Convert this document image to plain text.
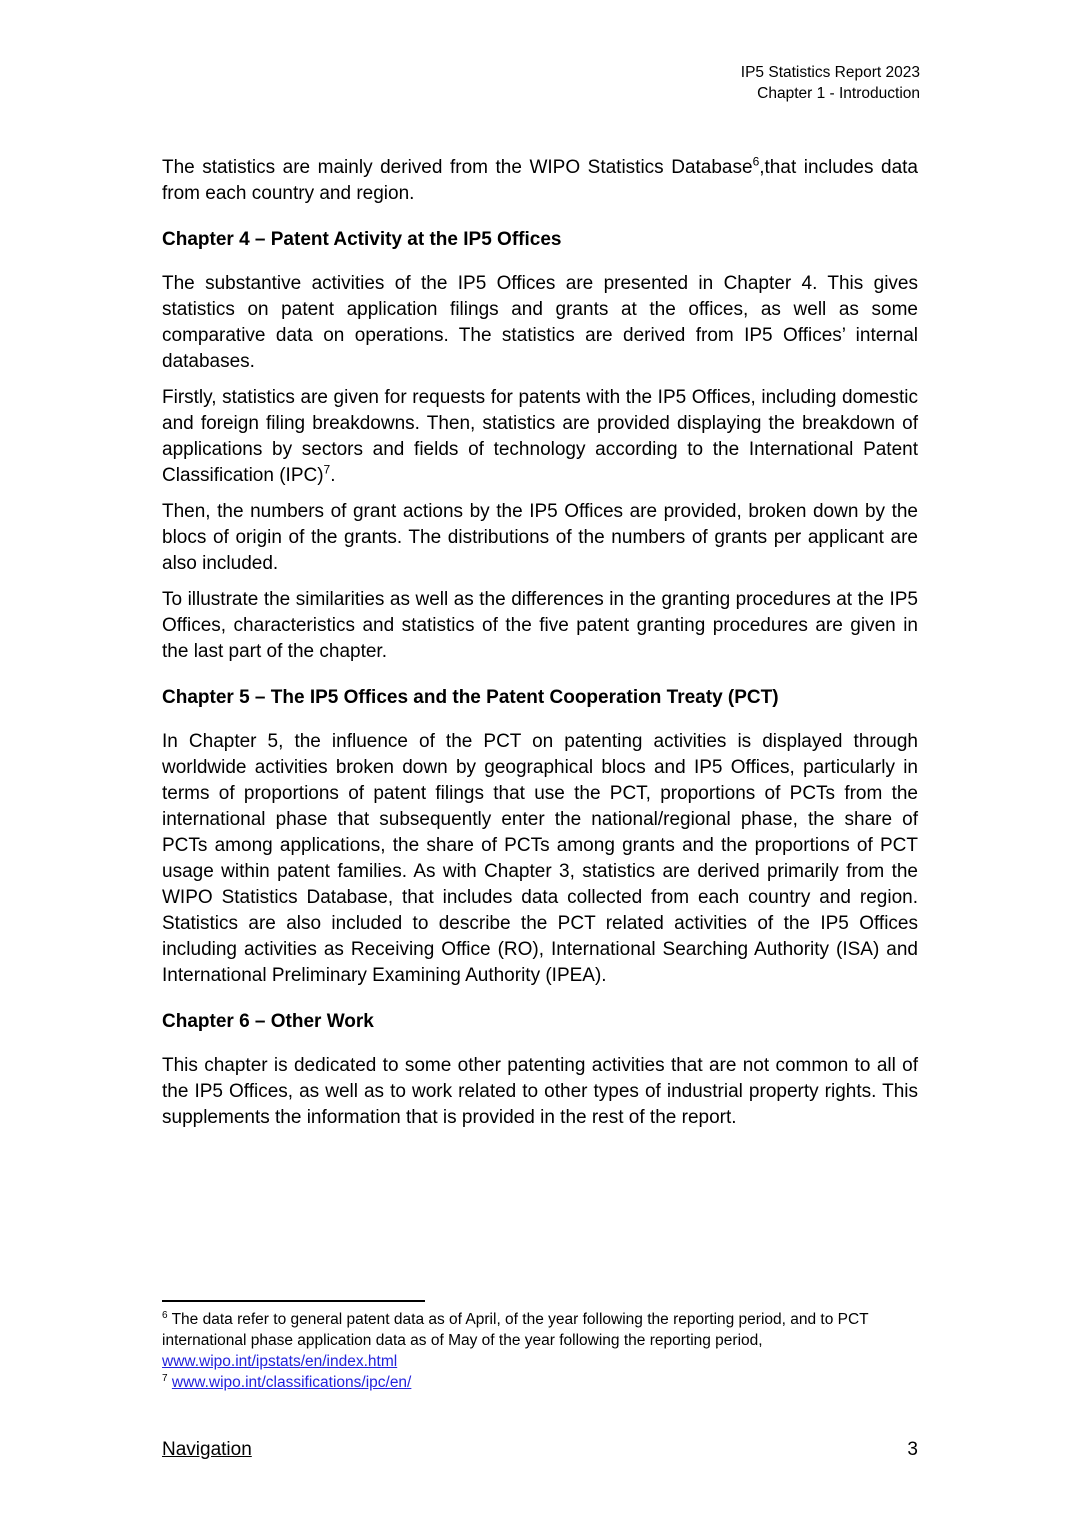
IP5 Statistics Report 2023
Chapter 1 - Introduction

The statistics are mainly derived from the WIPO Statistics Database$^6$,that includes data from each country and region.

Chapter 4 – Patent Activity at the IP5 Offices

The substantive activities of the IP5 Offices are presented in Chapter 4. This gives statistics on patent application filings and grants at the offices, as well as some comparative data on operations. The statistics are derived from IP5 Offices’ internal databases.

Firstly, statistics are given for requests for patents with the IP5 Offices, including domestic and foreign filing breakdowns. Then, statistics are provided displaying the breakdown of applications by sectors and fields of technology according to the International Patent Classification (IPC)$^7$.

Then, the numbers of grant actions by the IP5 Offices are provided, broken down by the blocs of origin of the grants. The distributions of the numbers of grants per applicant are also included.

To illustrate the similarities as well as the differences in the granting procedures at the IP5 Offices, characteristics and statistics of the five patent granting procedures are given in the last part of the chapter.

Chapter 5 – The IP5 Offices and the Patent Cooperation Treaty (PCT)

In Chapter 5, the influence of the PCT on patenting activities is displayed through worldwide activities broken down by geographical blocs and IP5 Offices, particularly in terms of proportions of patent filings that use the PCT, proportions of PCTs from the international phase that subsequently enter the national/regional phase, the share of PCTs among applications, the share of PCTs among grants and the proportions of PCT usage within patent families. As with Chapter 3, statistics are derived primarily from the WIPO Statistics Database, that includes data collected from each country and region. Statistics are also included to describe the PCT related activities of the IP5 Offices including activities as Receiving Office (RO), International Searching Authority (ISA) and International Preliminary Examining Authority (IPEA).

Chapter 6 – Other Work

This chapter is dedicated to some other patenting activities that are not common to all of the IP5 Offices, as well as to work related to other types of industrial property rights. This supplements the information that is provided in the rest of the report.

$^6$ The data refer to general patent data as of April, of the year following the reporting period, and to PCT international phase application data as of May of the year following the reporting period,
www.wipo.int/ipstats/en/index.html
$^7$ www.wipo.int/classifications/ipc/en/
Navigation	3
